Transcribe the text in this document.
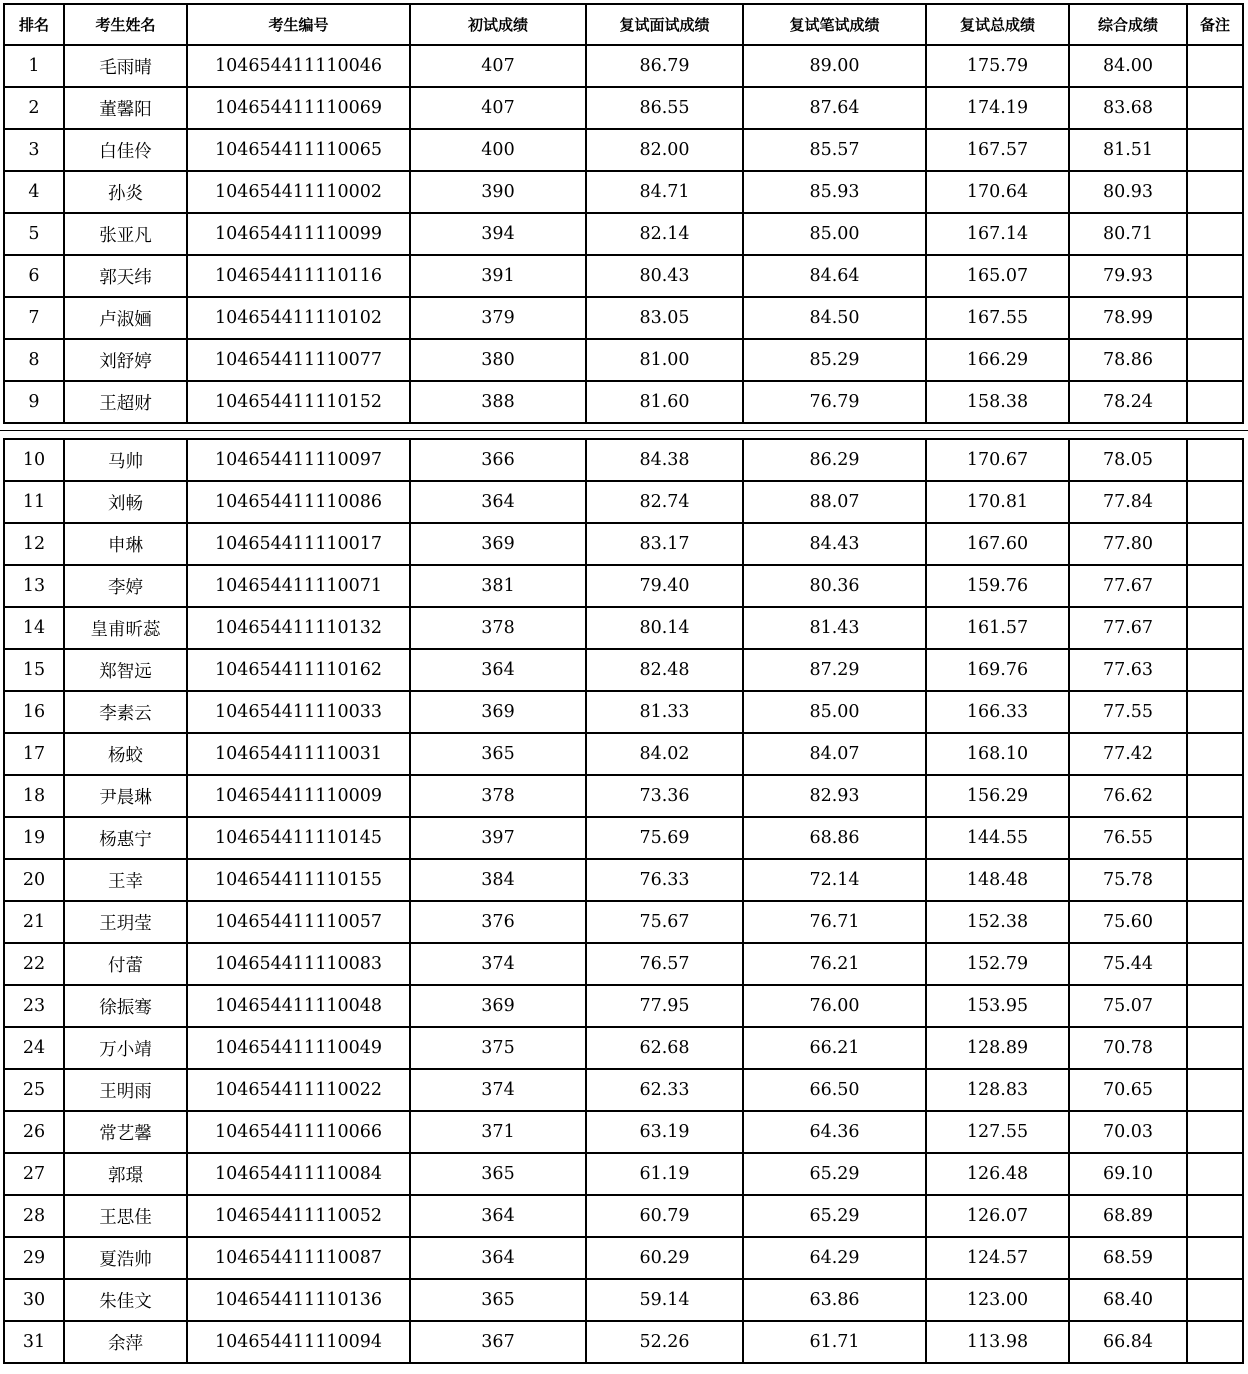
排名	考生姓名	考生编号	初试成绩	复试面试成绩	复试笔试成绩	复试总成绩	综合成绩	备注
1	毛雨晴	104654411110046	407	86.79	89.00	175.79	84.00	
2	董馨阳	104654411110069	407	86.55	87.64	174.19	83.68	
3	白佳伶	104654411110065	400	82.00	85.57	167.57	81.51	
4	孙炎	104654411110002	390	84.71	85.93	170.64	80.93	
5	张亚凡	104654411110099	394	82.14	85.00	167.14	80.71	
6	郭天纬	104654411110116	391	80.43	84.64	165.07	79.93	
7	卢淑婳	104654411110102	379	83.05	84.50	167.55	78.99	
8	刘舒婷	104654411110077	380	81.00	85.29	166.29	78.86	
9	王超财	104654411110152	388	81.60	76.79	158.38	78.24	
10	马帅	104654411110097	366	84.38	86.29	170.67	78.05	
11	刘畅	104654411110086	364	82.74	88.07	170.81	77.84	
12	申琳	104654411110017	369	83.17	84.43	167.60	77.80	
13	李婷	104654411110071	381	79.40	80.36	159.76	77.67	
14	皇甫昕蕊	104654411110132	378	80.14	81.43	161.57	77.67	
15	郑智远	104654411110162	364	82.48	87.29	169.76	77.63	
16	李素云	104654411110033	369	81.33	85.00	166.33	77.55	
17	杨蛟	104654411110031	365	84.02	84.07	168.10	77.42	
18	尹晨琳	104654411110009	378	73.36	82.93	156.29	76.62	
19	杨惠宁	104654411110145	397	75.69	68.86	144.55	76.55	
20	王幸	104654411110155	384	76.33	72.14	148.48	75.78	
21	王玥莹	104654411110057	376	75.67	76.71	152.38	75.60	
22	付蕾	104654411110083	374	76.57	76.21	152.79	75.44	
23	徐振骞	104654411110048	369	77.95	76.00	153.95	75.07	
24	万小靖	104654411110049	375	62.68	66.21	128.89	70.78	
25	王明雨	104654411110022	374	62.33	66.50	128.83	70.65	
26	常艺馨	104654411110066	371	63.19	64.36	127.55	70.03	
27	郭璟	104654411110084	365	61.19	65.29	126.48	69.10	
28	王思佳	104654411110052	364	60.79	65.29	126.07	68.89	
29	夏浩帅	104654411110087	364	60.29	64.29	124.57	68.59	
30	朱佳文	104654411110136	365	59.14	63.86	123.00	68.40	
31	余萍	104654411110094	367	52.26	61.71	113.98	66.84	
